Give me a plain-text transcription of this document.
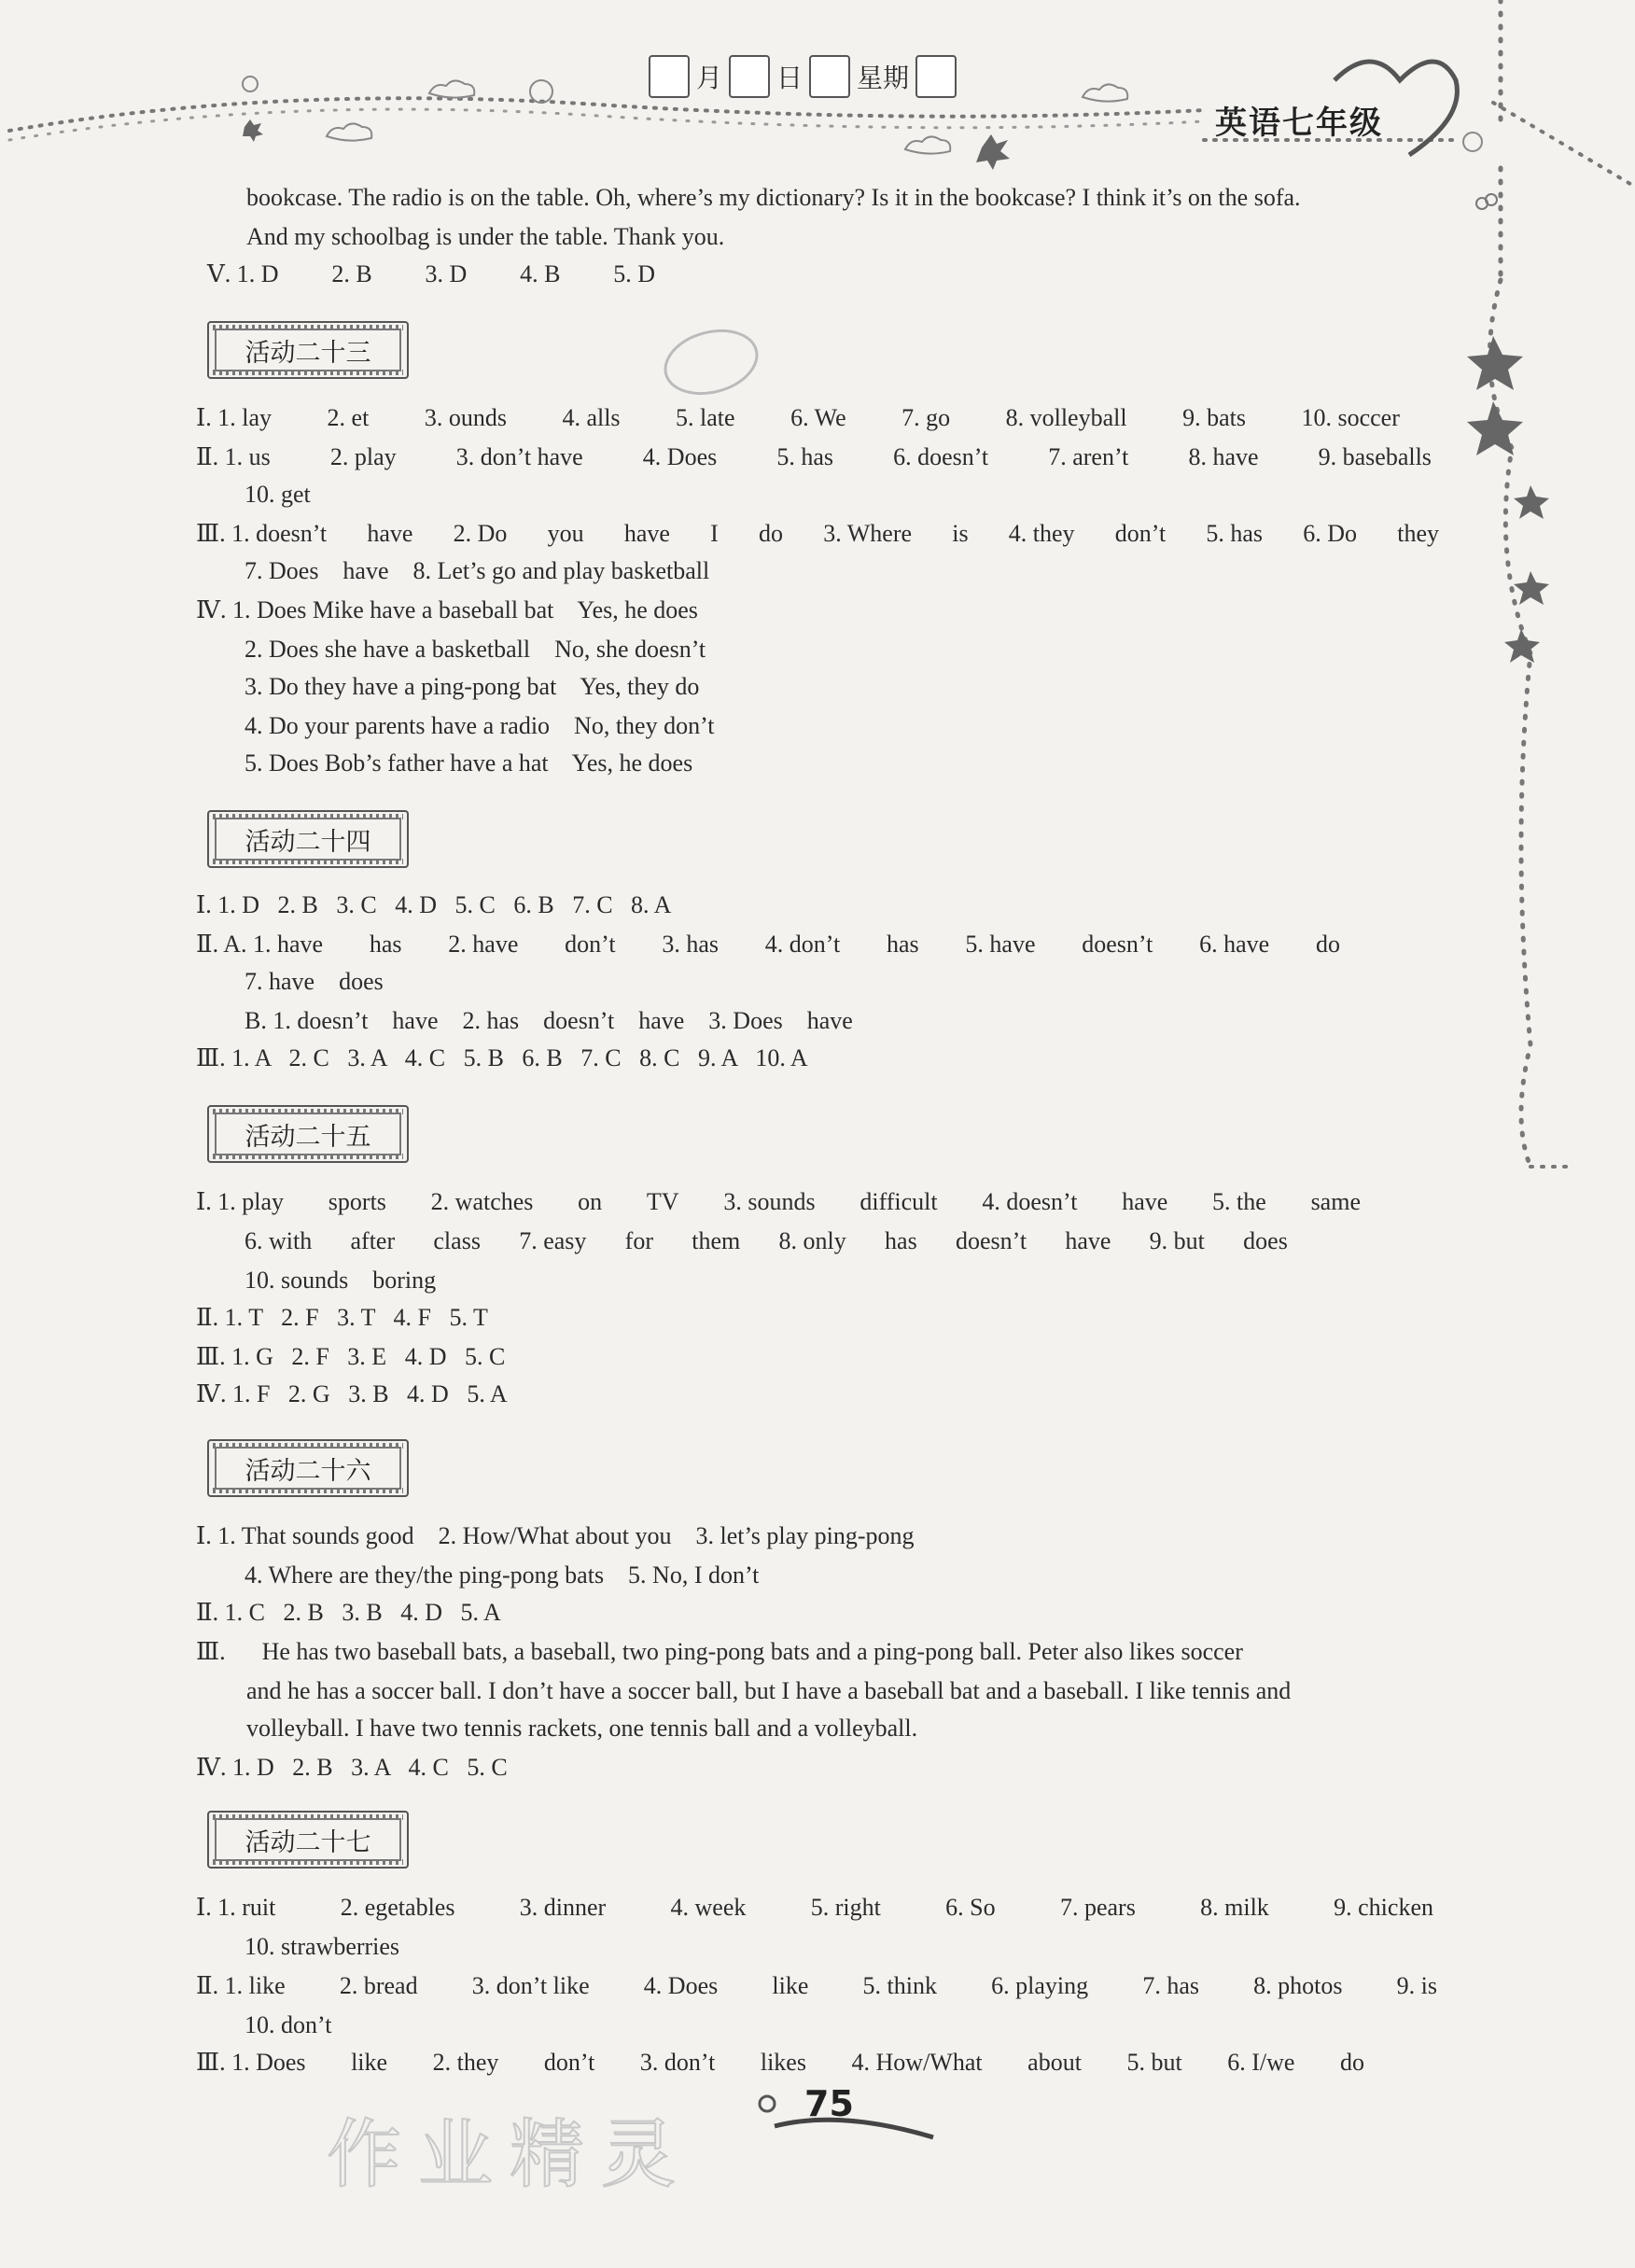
月 日 星期
英语七年级
bookcase. The radio is on the table. Oh, where’s my dictionary? Is it in the bookcase? I think it’s on the sofa.
And my schoolbag is under the table. Thank you.
Ⅴ. 1. D 2. B 3. D 4. B 5. D
活动二十三
Ⅰ. 1. lay 2. et 3. ounds 4. alls 5. late 6. We 7. go 8. volleyball 9. bats 10. soccer
Ⅱ. 1. us 2. play 3. don’t have 4. Does 5. has 6. doesn’t 7. aren’t 8. have 9. baseballs
10. get
Ⅲ. 1. doesn’t have 2. Do you have I do 3. Where is 4. they don’t 5. has 6. Do they
7. Does    have    8. Let’s go and play basketball
Ⅳ. 1. Does Mike have a baseball bat    Yes, he does
2. Does she have a basketball    No, she doesn’t
3. Do they have a ping-pong bat    Yes, they do
4. Do your parents have a radio    No, they don’t
5. Does Bob’s father have a hat    Yes, he does
活动二十四
Ⅰ. 1. D   2. B   3. C   4. D   5. C   6. B   7. C   8. A
Ⅱ. A. 1. have has 2. have don’t 3. has 4. don’t has 5. have doesn’t 6. have do
7. have    does
B. 1. doesn’t    have    2. has    doesn’t    have    3. Does    have
Ⅲ. 1. A   2. C   3. A   4. C   5. B   6. B   7. C   8. C   9. A   10. A
活动二十五
Ⅰ. 1. play sports 2. watches on TV 3. sounds difficult 4. doesn’t have 5. the same
6. with after class 7. easy for them 8. only has doesn’t have 9. but does
10. sounds    boring
Ⅱ. 1. T   2. F   3. T   4. F   5. T
Ⅲ. 1. G   2. F   3. E   4. D   5. C
Ⅳ. 1. F   2. G   3. B   4. D   5. A
活动二十六
Ⅰ. 1. That sounds good    2. How/What about you    3. let’s play ping-pong
4. Where are they/the ping-pong bats    5. No, I don’t
Ⅱ. 1. C   2. B   3. B   4. D   5. A
Ⅲ.      He has two baseball bats, a baseball, two ping-pong bats and a ping-pong ball. Peter also likes soccer
and he has a soccer ball. I don’t have a soccer ball, but I have a baseball bat and a baseball. I like tennis and
volleyball. I have two tennis rackets, one tennis ball and a volleyball.
Ⅳ. 1. D   2. B   3. A   4. C   5. C
活动二十七
Ⅰ. 1. ruit	2. egetables	3. dinner	4. week	5. right	6. So	7. pears	8. milk	9. chicken
10. strawberries
Ⅱ. 1. like 2. bread 3. don’t like 4. Does like 5. think 6. playing 7. has 8. photos 9. is
10. don’t
Ⅲ. 1. Does like 2. they don’t 3. don’t likes 4. How/What about 5. but 6. I/we do
作业精灵
75
